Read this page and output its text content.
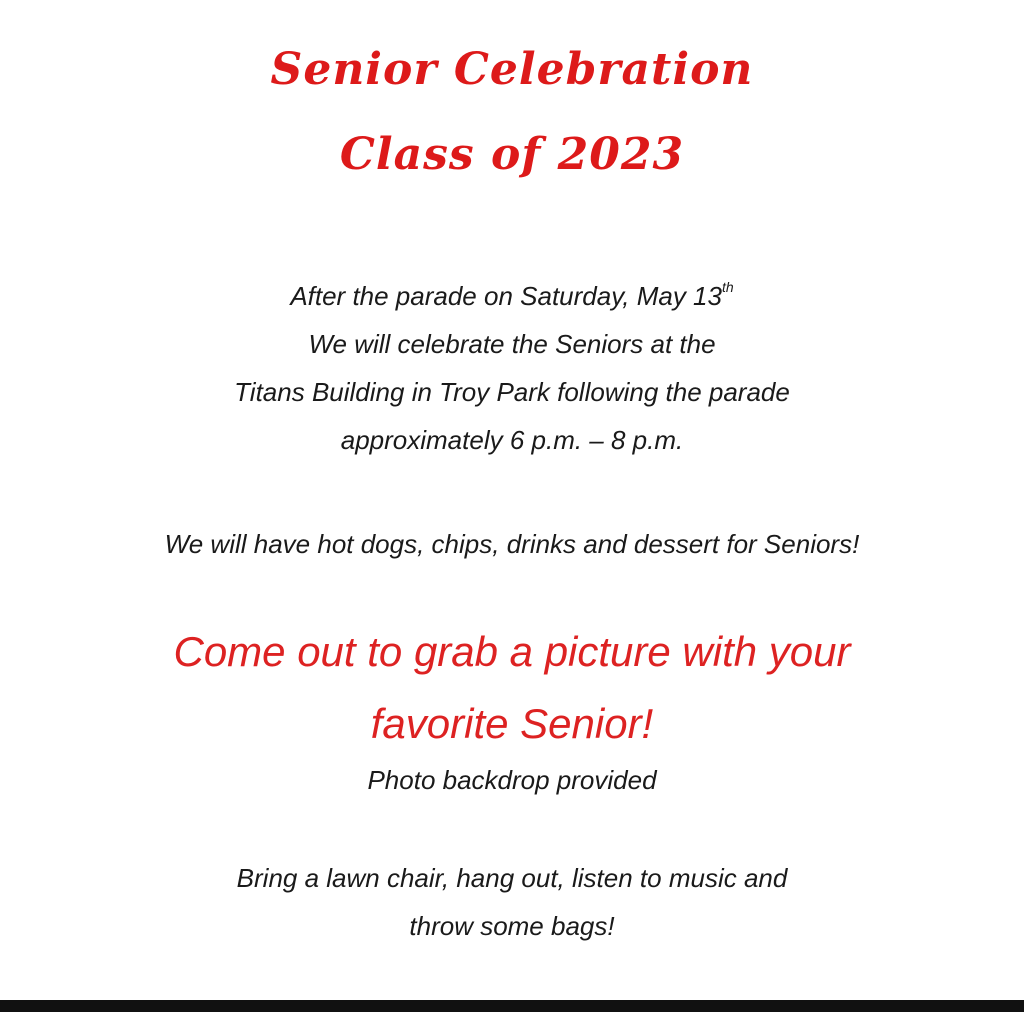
Senior Celebration
Class of 2023
After the parade on Saturday, May 13th
We will celebrate the Seniors at the
Titans Building in Troy Park following the parade
approximately 6 p.m. – 8 p.m.
We will have hot dogs, chips, drinks and dessert for Seniors!
Come out to grab a picture with your
favorite Senior!
Photo backdrop provided
Bring a lawn chair, hang out, listen to music and
throw some bags!
